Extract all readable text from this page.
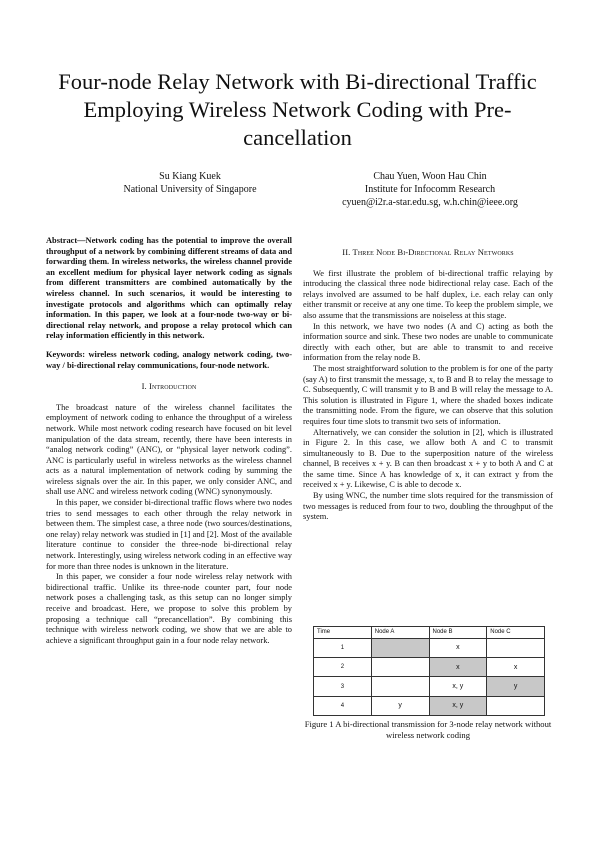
Four-node Relay Network with Bi-directional Traffic Employing Wireless Network Coding with Pre-cancellation
Su Kiang Kuek
National University of Singapore
Chau Yuen, Woon Hau Chin
Institute for Infocomm Research
cyuen@i2r.a-star.edu.sg, w.h.chin@ieee.org

Abstract—Network coding has the potential to improve the overall throughput of a network by combining different streams of data and forwarding them. In wireless networks, the wireless channel provide an excellent medium for physical layer network coding as signals from different transmitters are combined automatically by the wireless channel. In such scenarios, it would be interesting to investigate protocols and algorithms which can optimally relay information. In this paper, we look at a four-node two-way or bi-directional relay network, and propose a relay protocol which can relay information efficiently in this network.

Keywords: wireless network coding, analogy network coding, two-way / bi-directional relay communications, four-node network.

I. Introduction

The broadcast nature of the wireless channel facilitates the employment of network coding to enhance the throughput of a wireless network. While most network coding research have focused on bit level manipulation of the data stream, recently, there have been interests in “analog network coding” (ANC), or “physical layer network coding”. ANC is particularly useful in wireless networks as the wireless channel acts as a natural implementation of network coding by summing the wireless signals over the air. In this paper, we only consider ANC, and shall use ANC and wireless network coding (WNC) synonymously.

In this paper, we consider bi-directional traffic flows where two nodes tries to send messages to each other through the relay network in between them. The simplest case, a three node (two sources/destinations, one relay) relay network was studied in [1] and [2]. Most of the available literature continue to consider the three-node bi-directional relay network. Interestingly, using wireless network coding in an effective way for more than three nodes is unknown in the literature.

In this paper, we consider a four node wireless relay network with bidirectional traffic. Unlike its three-node counter part, four node network poses a challenging task, as this setup can no longer simply receive and broadcast. Here, we propose to solve this problem by proposing a technique call “precancellation”. By combining this technique with wireless network coding, we show that we are able to achieve a significant throughput gain in a four node relay network.

II. Three Node Bi-Directional Relay Networks

We first illustrate the problem of bi-directional traffic relaying by introducing the classical three node bidirectional relay case. Each of the relays involved are assumed to be half duplex, i.e. each relay can only either transmit or receive at any one time. To keep the problem simple, we also assume that the transmissions are noiseless at this stage.

In this network, we have two nodes (A and C) acting as both the information source and sink. These two nodes are unable to communicate directly with each other, but are able to transmit to and receive information from the relay node B.

The most straightforward solution to the problem is for one of the party (say A) to first transmit the message, x, to B and B to relay the message to C. Subsequently, C will transmit y to B and B will relay the message to A. This solution is illustrated in Figure 1, where the shaded boxes indicate the transmitting node. From the figure, we can observe that this solution requires four time slots to transmit two sets of information.

Alternatively, we can consider the solution in [2], which is illustrated in Figure 2. In this case, we allow both A and C to transmit simultaneously to B. Due to the superposition nature of the wireless channel, B receives x + y. B can then broadcast x + y to both A and C at the same time. Since A has knowledge of x, it can extract y from the received x + y. Likewise, C is able to decode x.

By using WNC, the number time slots required for the transmission of two messages is reduced from four to two, doubling the throughput of the system.

Time	Node A	Node B	Node C
1		x	
2		x	x
3		x, y	y
4	y	x, y	
Figure 1 A bi-directional transmission for 3-node relay network without wireless network coding
